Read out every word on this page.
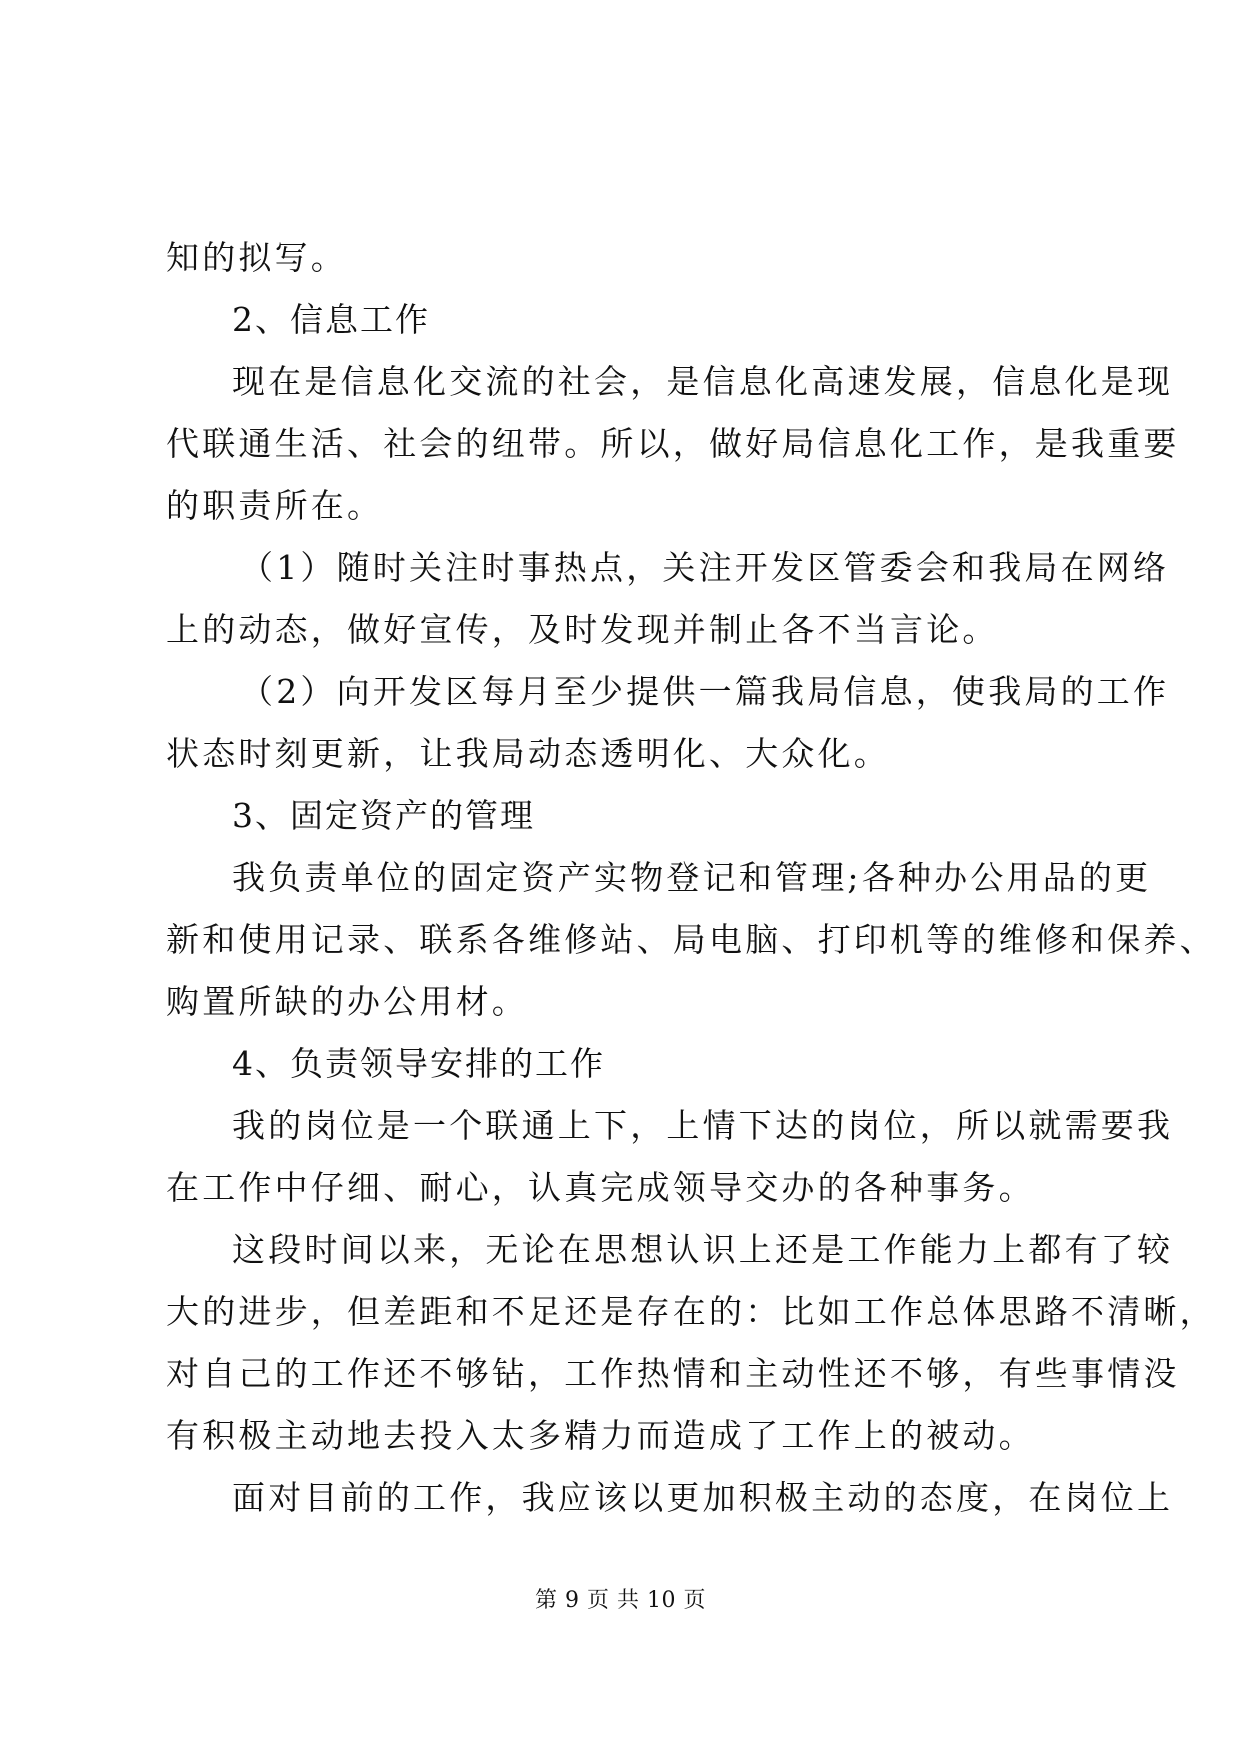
知的拟写。
2、信息工作
现在是信息化交流的社会，是信息化高速发展，信息化是现
代联通生活、社会的纽带。所以，做好局信息化工作，是我重要
的职责所在。
（1）随时关注时事热点，关注开发区管委会和我局在网络
上的动态，做好宣传，及时发现并制止各不当言论。
（2）向开发区每月至少提供一篇我局信息，使我局的工作
状态时刻更新，让我局动态透明化、大众化。
3、固定资产的管理
我负责单位的固定资产实物登记和管理;各种办公用品的更
新和使用记录、联系各维修站、局电脑、打印机等的维修和保养、
购置所缺的办公用材。
4、负责领导安排的工作
我的岗位是一个联通上下，上情下达的岗位，所以就需要我
在工作中仔细、耐心，认真完成领导交办的各种事务。
这段时间以来，无论在思想认识上还是工作能力上都有了较
大的进步，但差距和不足还是存在的：比如工作总体思路不清晰，
对自己的工作还不够钻，工作热情和主动性还不够，有些事情没
有积极主动地去投入太多精力而造成了工作上的被动。
面对目前的工作，我应该以更加积极主动的态度，在岗位上
第 9 页 共 10 页
